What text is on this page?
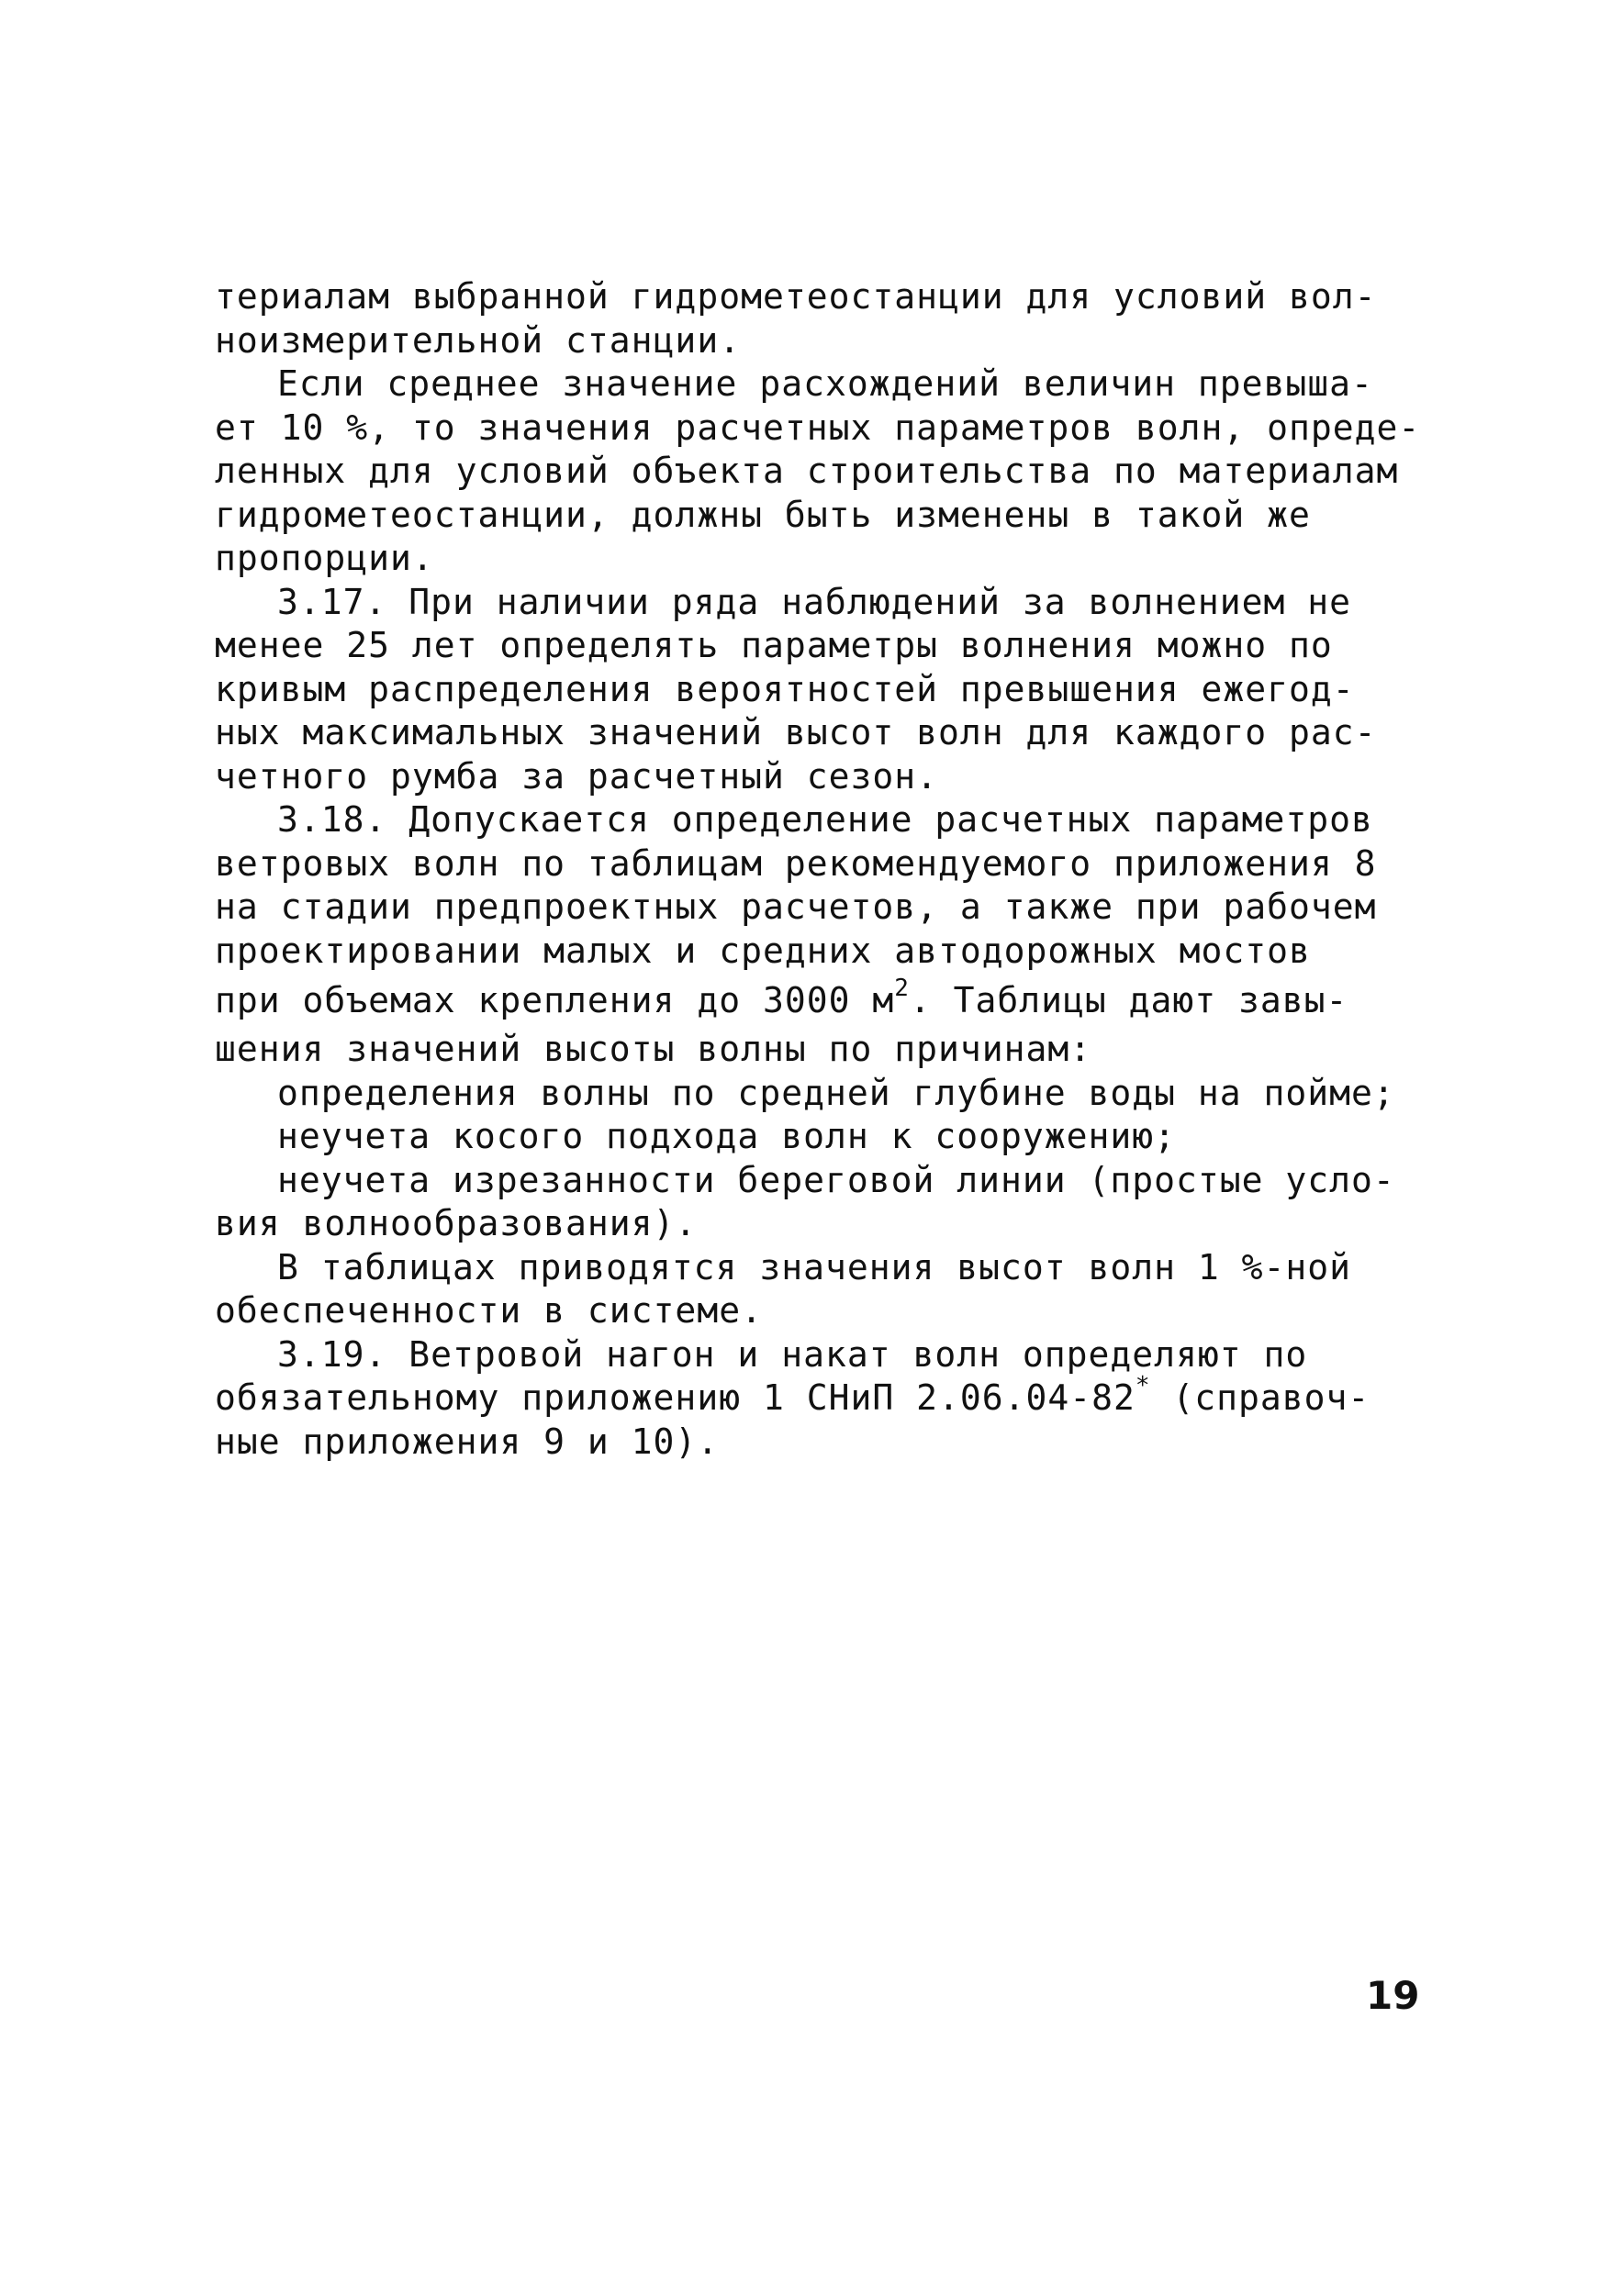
териалам выбранной гидрометеостанции для условий вол-
ноизмерительной станции.

Если среднее значение расхождений величин превыша-
ет 10 %, то значения расчетных параметров волн, опреде-
ленных для условий объекта строительства по материалам
гидрометеостанции, должны быть изменены в такой же
пропорции.

3.17. При наличии ряда наблюдений за волнением не
менее 25 лет определять параметры волнения можно по
кривым распределения вероятностей превышения ежегод-
ных максимальных значений высот волн для каждого рас-
четного румба за расчетный сезон.

3.18. Допускается определение расчетных параметров
ветровых волн по таблицам рекомендуемого приложения 8
на стадии предпроектных расчетов, а также при рабочем
проектировании малых и средних автодорожных мостов
при объемах крепления до 3000 $м^2$. Таблицы дают завы-
шения значений высоты волны по причинам:

определения волны по средней глубине воды на пойме;
неучета косого подхода волн к сооружению;
неучета изрезанности береговой линии (простые усло-
вия волнообразования).

В таблицах приводятся значения высот волн 1 %-ной
обеспеченности в системе.

3.19. Ветровой нагон и накат волн определяют по
обязательному приложению 1 СНиП 2.06.04-82* (справоч-
ные приложения 9 и 10).

19
